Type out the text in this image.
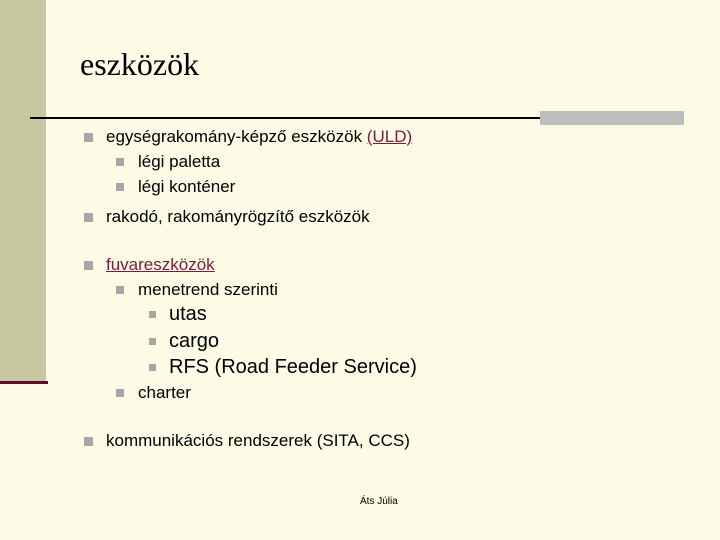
eszközök
egységrakomány-képző eszközök (ULD)
légi paletta
légi konténer
rakodó, rakományrögzítő eszközök
fuvareszközök
menetrend szerinti
utas
cargo
RFS (Road Feeder Service)
charter
kommunikációs rendszerek (SITA, CCS)
Áts Júlia
